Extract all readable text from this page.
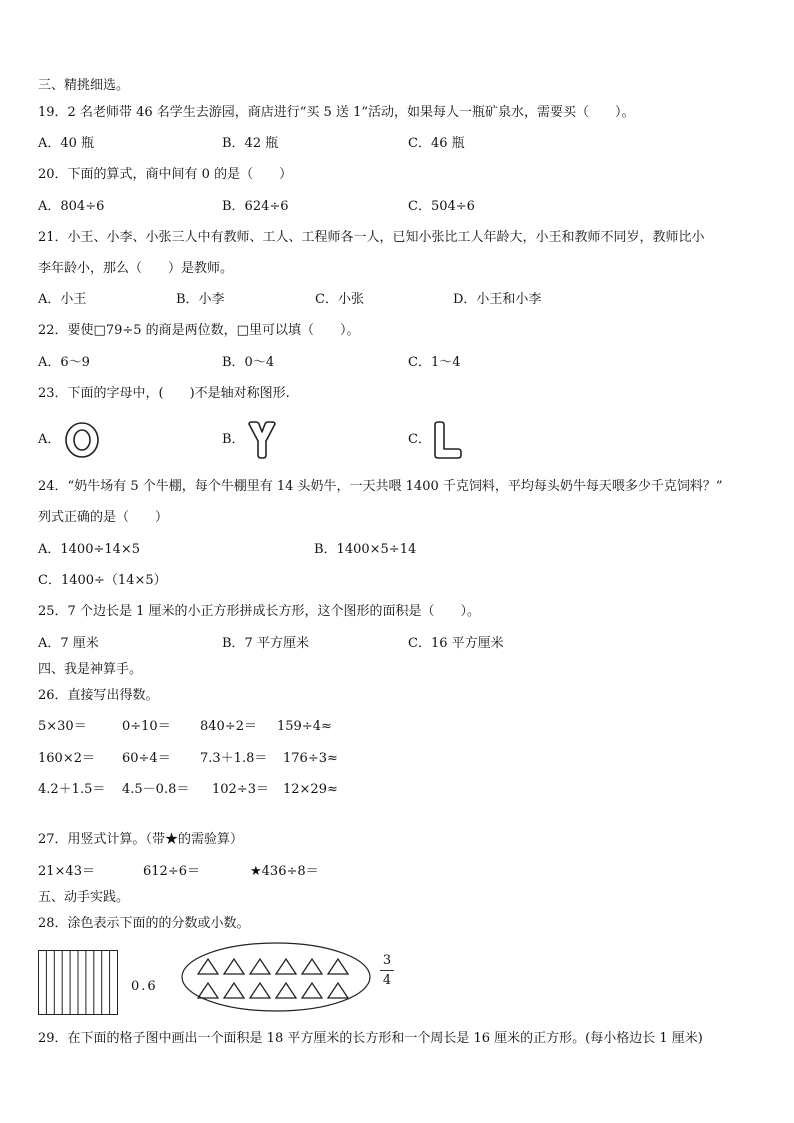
三、精挑细选。
19．2 名老师带 46 名学生去游园，商店进行“买 5 送 1”活动，如果每人一瓶矿泉水，需要买（　　）。
A．40 瓶	B．42 瓶	C．46 瓶
20．下面的算式，商中间有 0 的是（　　）
A．804÷6	B．624÷6	C．504÷6
21．小王、小李、小张三人中有教师、工人、工程师各一人，已知小张比工人年龄大，小王和教师不同岁，教师比小
李年龄小，那么（　　）是教师。
A．小王	B．小李	C．小张	D．小王和小李
22．要使□79÷5 的商是两位数，□里可以填（　　）。
A．6～9	B．0～4	C．1～4
23．下面的字母中，(　　)不是轴对称图形.
A．	B．	C．
24．“奶牛场有 5 个牛棚，每个牛棚里有 14 头奶牛，一天共喂 1400 千克饲料，平均每头奶牛每天喂多少千克饲料？”
列式正确的是（　　）
A．1400÷14×5	B．1400×5÷14
C．1400÷（14×5）
25．7 个边长是 1 厘米的小正方形拼成长方形，这个图形的面积是（　　）。
A．7 厘米	B．7 平方厘米	C．16 平方厘米
四、我是神算手。
26．直接写出得数。
5×30＝	0÷10＝ 840÷2＝ 159÷4≈
160×2＝ 60÷4＝ 7.3＋1.8＝ 176÷3≈
4.2＋1.5＝ 4.5－0.8＝ 102÷3＝ 12×29≈
27．用竖式计算。（带★的需验算）
21×43＝	612÷6＝	★436÷8＝
五、动手实践。
28．涂色表示下面的的分数或小数。
0.6
3
4
29．在下面的格子图中画出一个面积是 18 平方厘米的长方形和一个周长是 16 厘米的正方形。(每小格边长 1 厘米)
